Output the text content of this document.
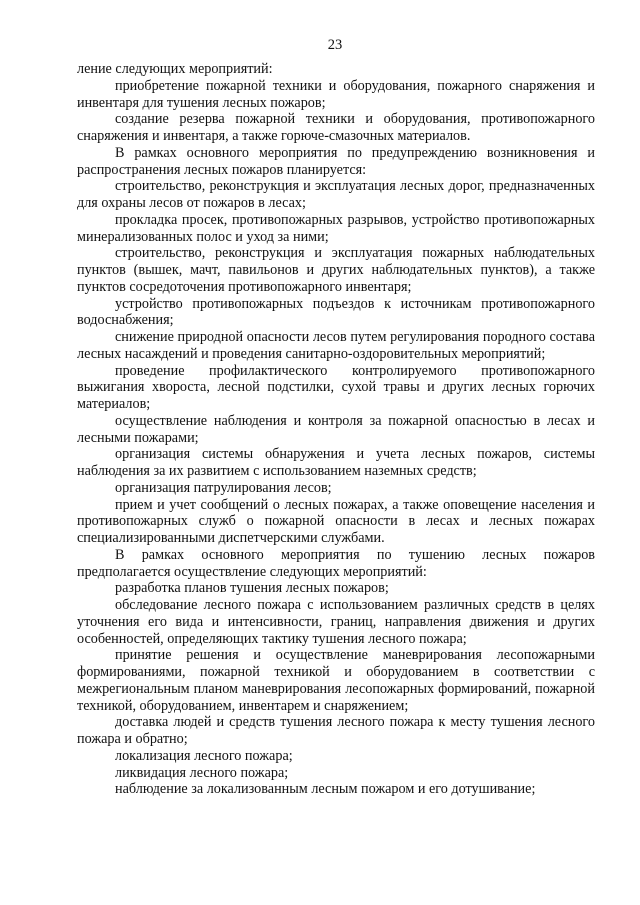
23

ление следующих мероприятий:

приобретение пожарной техники и оборудования, пожарного снаряжения и инвентаря для тушения лесных пожаров;

создание резерва пожарной техники и оборудования, противопожарного снаряжения и инвентаря, а также горюче-смазочных материалов.

В рамках основного мероприятия по предупреждению возникновения и распространения лесных пожаров планируется:

строительство, реконструкция и эксплуатация лесных дорог, предназначенных для охраны лесов от пожаров в лесах;

прокладка просек, противопожарных разрывов, устройство противопожарных минерализованных полос и уход за ними;

строительство, реконструкция и эксплуатация пожарных наблюдательных пунктов (вышек, мачт, павильонов и других наблюдательных пунктов), а также пунктов сосредоточения противопожарного инвентаря;

устройство противопожарных подъездов к источникам противопожарного водоснабжения;

снижение природной опасности лесов путем регулирования породного состава лесных насаждений и проведения санитарно-оздоровительных мероприятий;

проведение профилактического контролируемого противопожарного выжигания хвороста, лесной подстилки, сухой травы и других лесных горючих материалов;

осуществление наблюдения и контроля за пожарной опасностью в лесах и лесными пожарами;

организация системы обнаружения и учета лесных пожаров, системы наблюдения за их развитием с использованием наземных средств;

организация патрулирования лесов;

прием и учет сообщений о лесных пожарах, а также оповещение населения и противопожарных служб о пожарной опасности в лесах и лесных пожарах специализированными диспетчерскими службами.

В рамках основного мероприятия по тушению лесных пожаров предполагается осуществление следующих мероприятий:

разработка планов тушения лесных пожаров;

обследование лесного пожара с использованием различных средств в целях уточнения его вида и интенсивности, границ, направления движения и других особенностей, определяющих тактику тушения лесного пожара;

принятие решения и осуществление маневрирования лесопожарными формированиями, пожарной техникой и оборудованием в соответствии с межрегиональным планом маневрирования лесопожарных формирований, пожарной техникой, оборудованием, инвентарем и снаряжением;

доставка людей и средств тушения лесного пожара к месту тушения лесного пожара и обратно;

локализация лесного пожара;

ликвидация лесного пожара;

наблюдение за локализованным лесным пожаром и его дотушивание;
